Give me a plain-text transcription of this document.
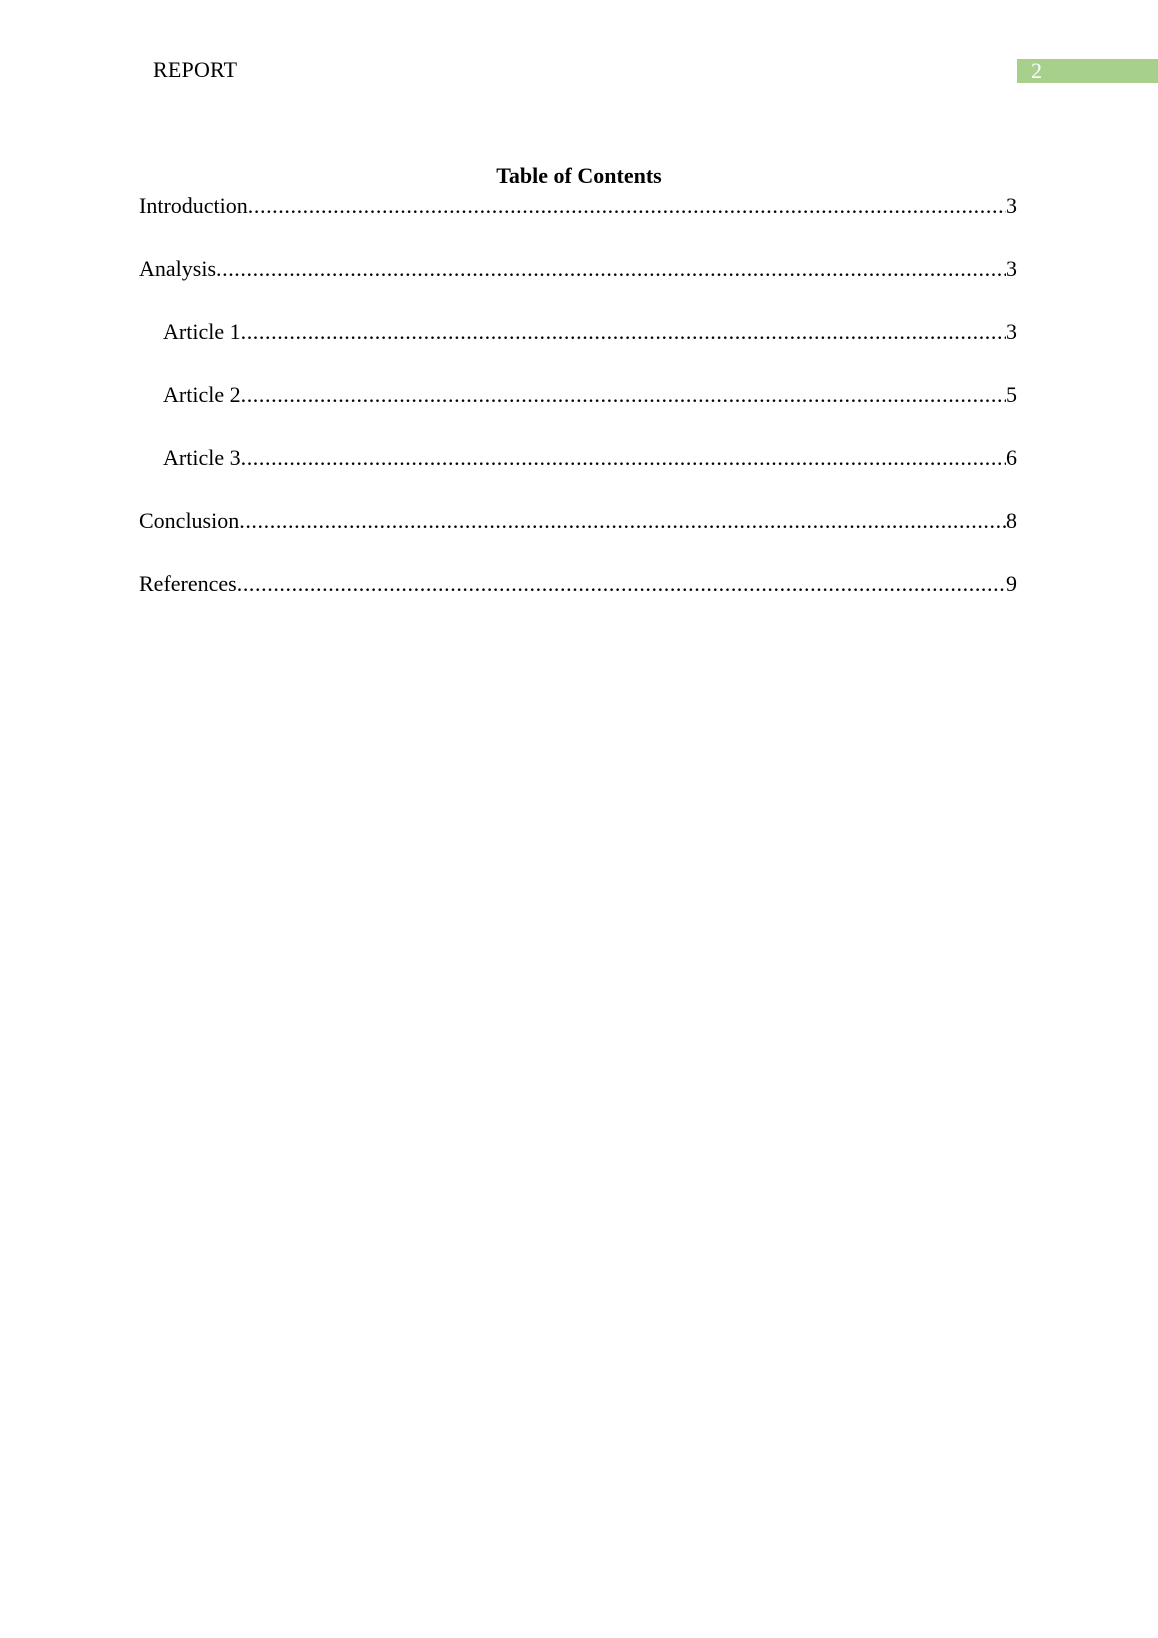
REPORT	2
Table of Contents
Introduction .....	3
Analysis .....	3
Article 1 .....	3
Article 2 .....	5
Article 3 .....	6
Conclusion .....	8
References .....	9
